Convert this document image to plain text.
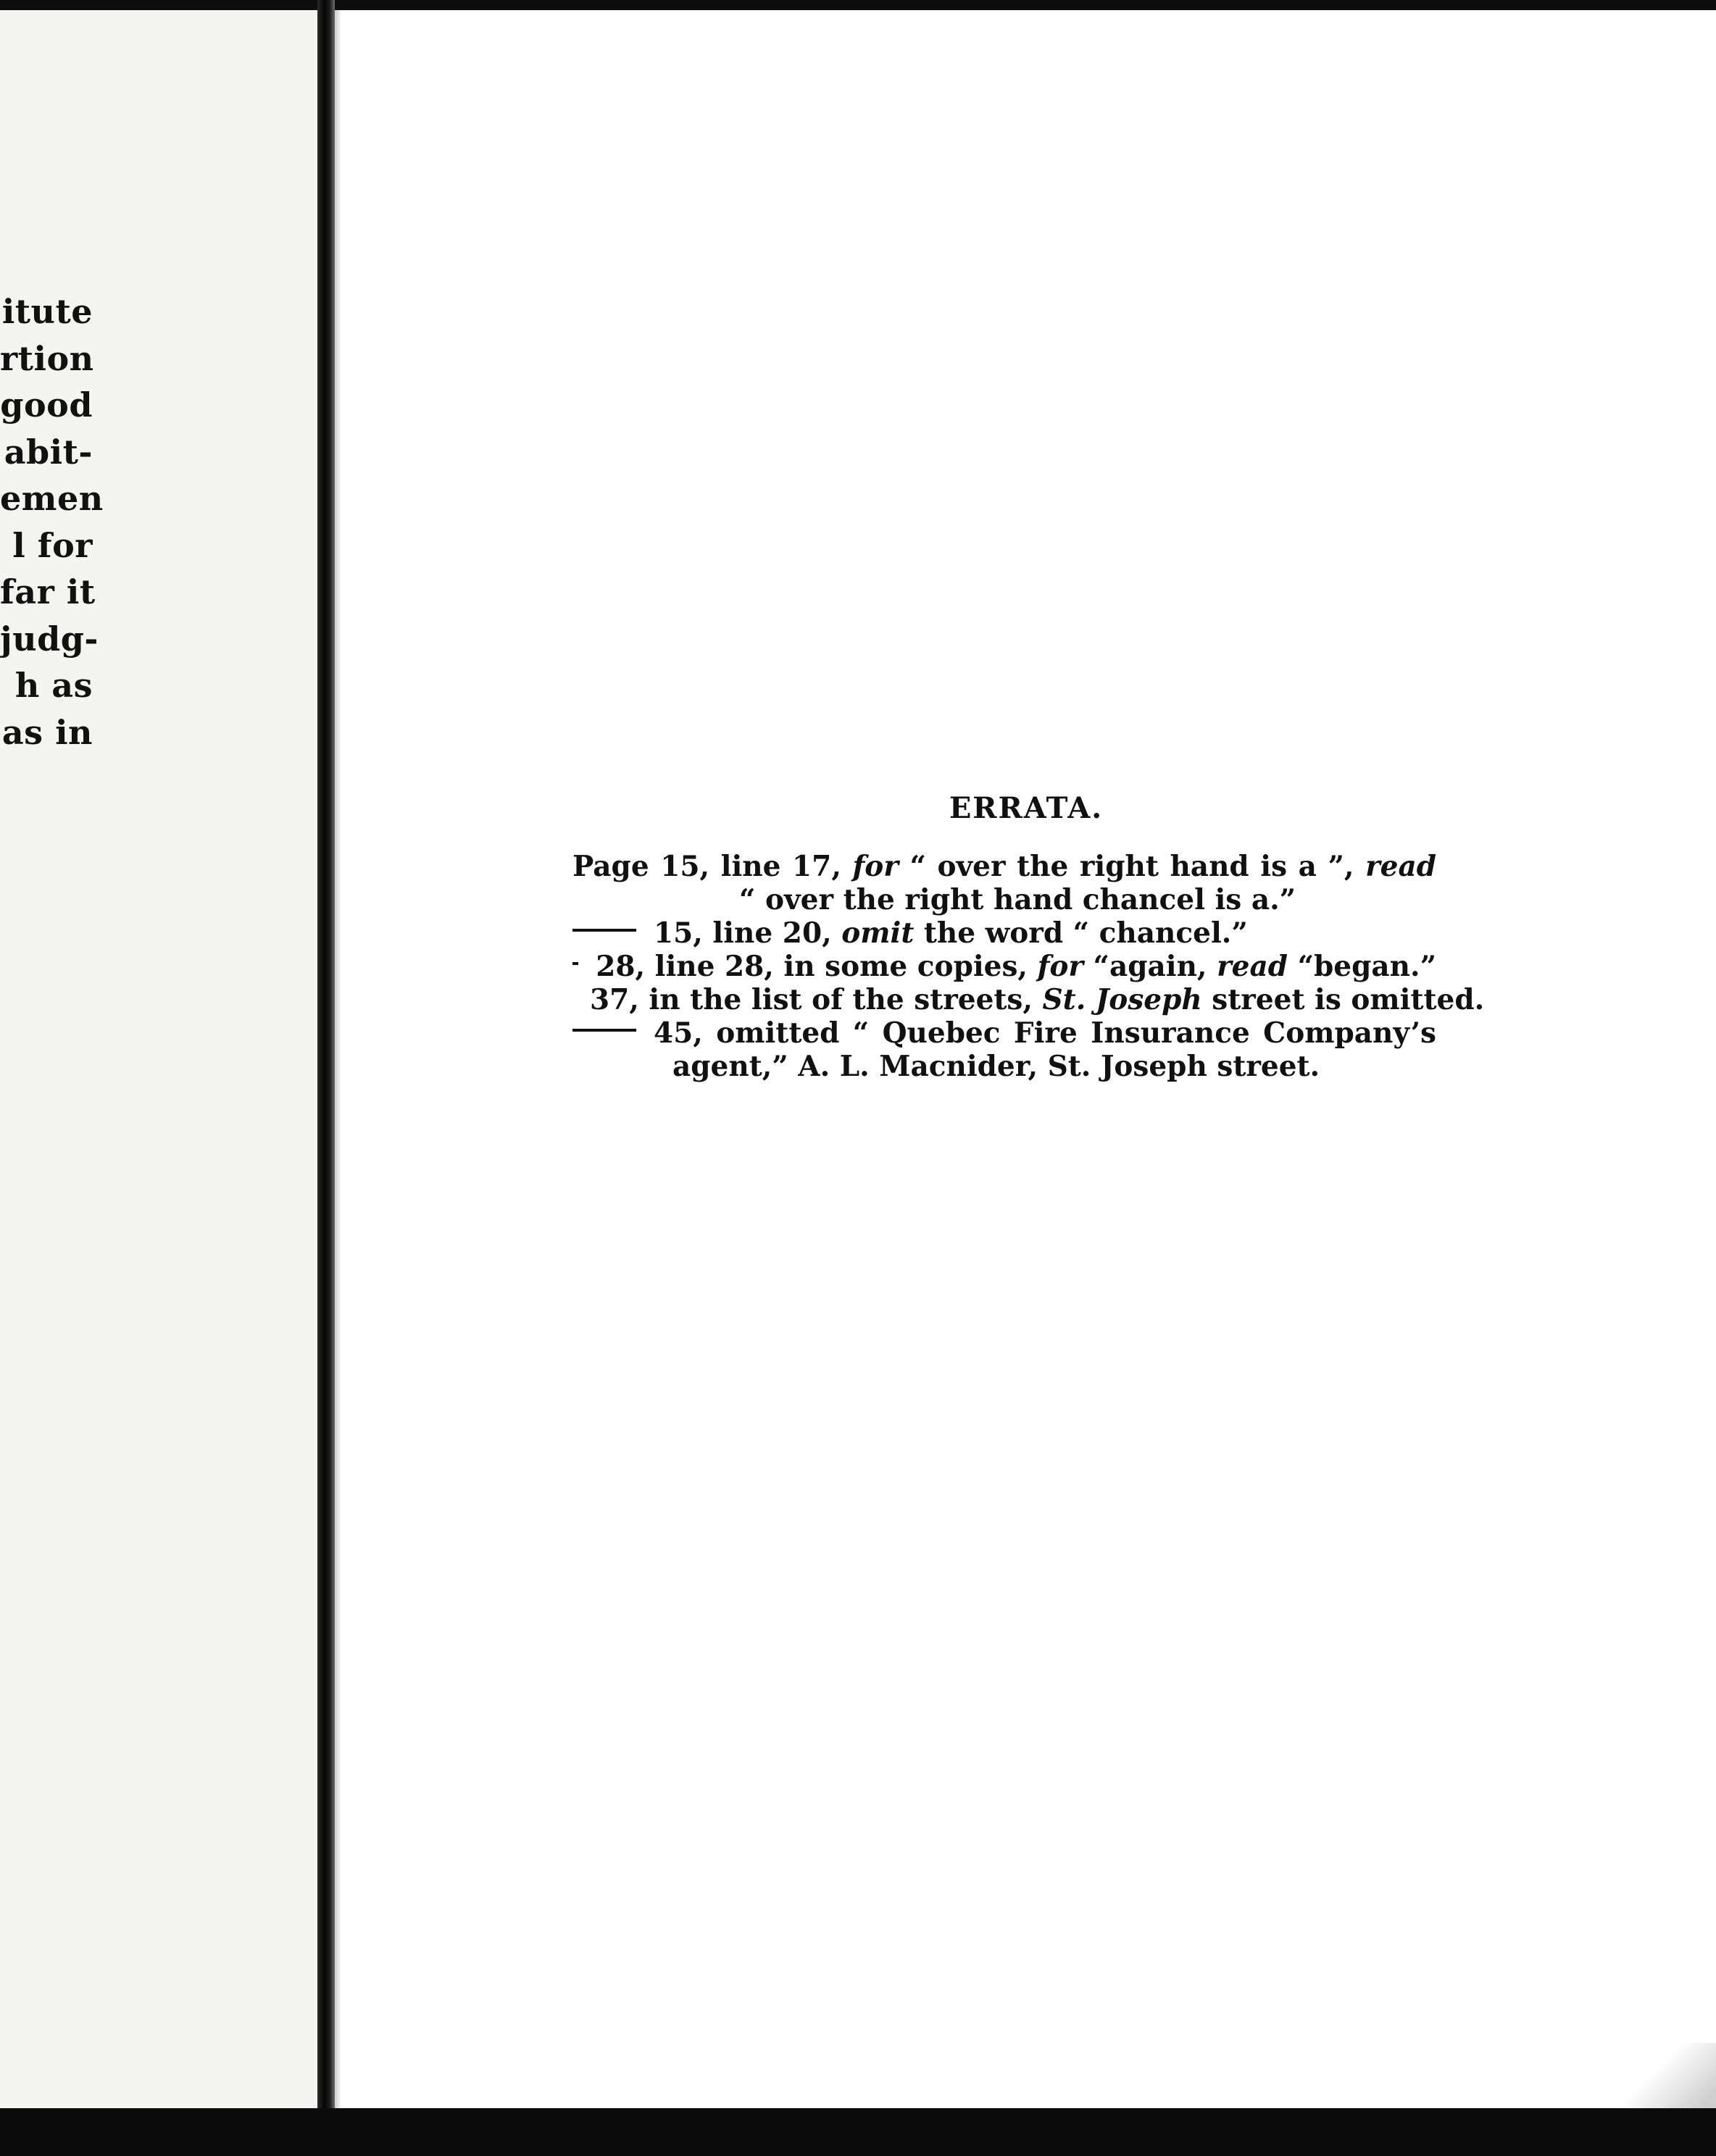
itute
rtion
good
abit-
emen
l for
far it
judg-
h as
as in
ERRATA.
Page 15, line 17, for “ over the right hand is a ”, read
“ over the right hand chancel is a.”
15, line 20, omit the word “ chancel.”
28, line 28, in some copies, for “again, read “began.”
37, in the list of the streets, St. Joseph street is omitted.
45, omitted “ Quebec Fire Insurance Company’s
agent,” A. L. Macnider, St. Joseph street.
